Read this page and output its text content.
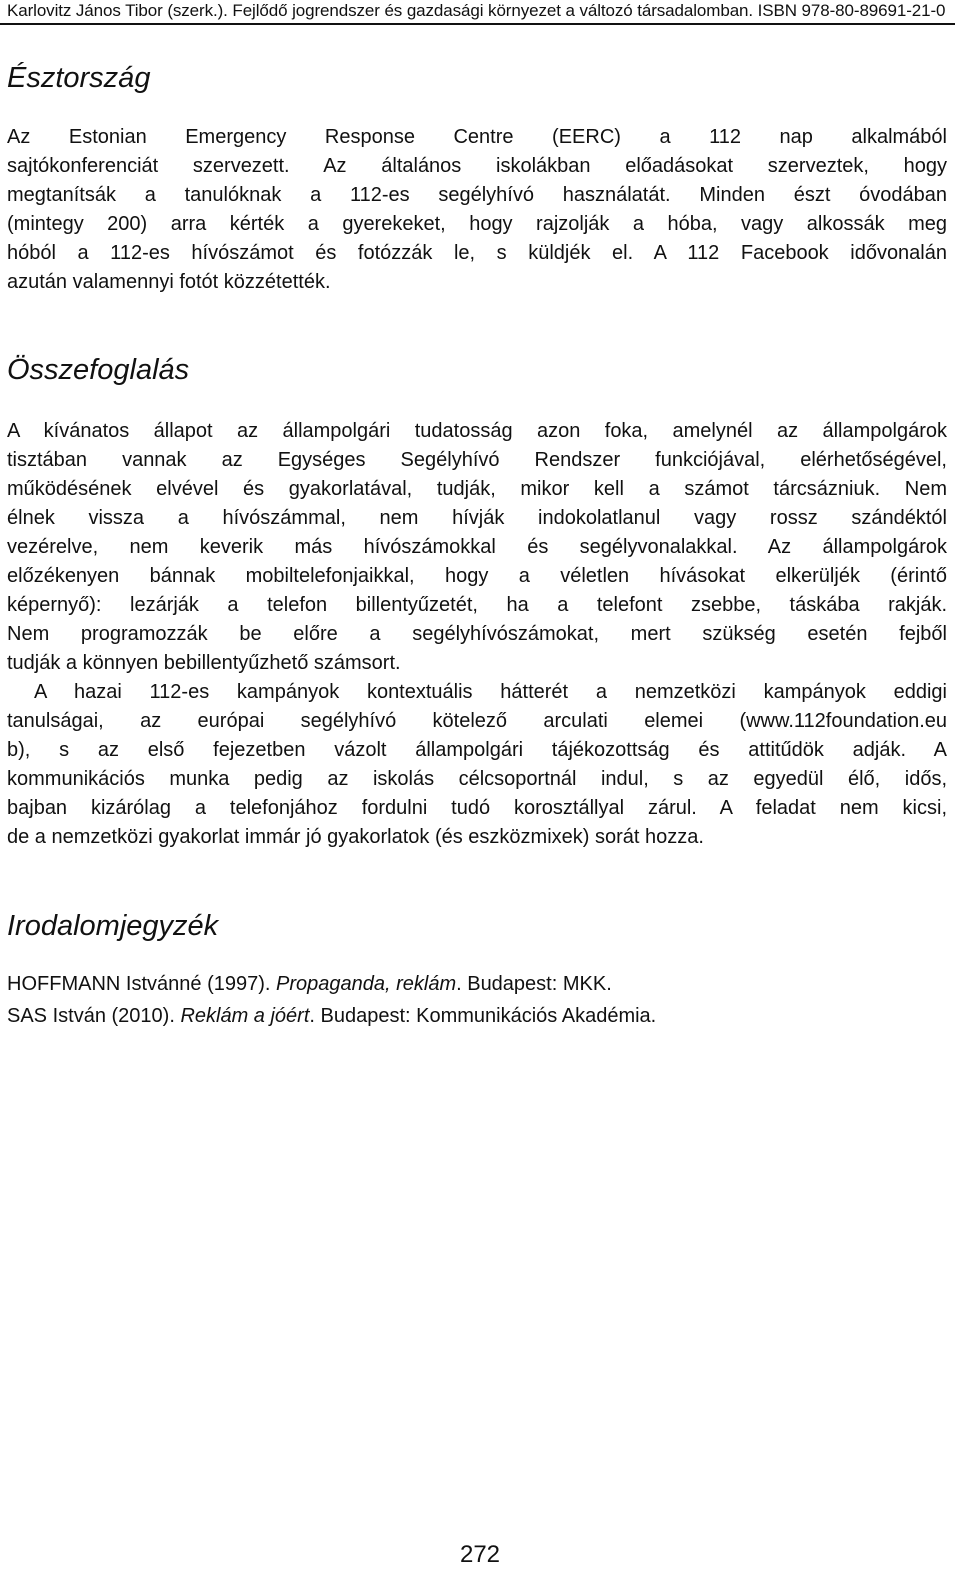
Karlovitz János Tibor (szerk.). Fejlődő jogrendszer és gazdasági környezet a változó társadalomban. ISBN 978-80-89691-21-0
Észtország
Az Estonian Emergency Response Centre (EERC) a 112 nap alkalmából
sajtókonferenciát szervezett. Az általános iskolákban előadásokat szerveztek, hogy
megtanítsák a tanulóknak a 112-es segélyhívó használatát. Minden észt óvodában
(mintegy 200) arra kérték a gyerekeket, hogy rajzolják a hóba, vagy alkossák meg
hóból a 112-es hívószámot és fotózzák le, s küldjék el. A 112 Facebook idővonalán
azután valamennyi fotót közzétették.
Összefoglalás
A kívánatos állapot az állampolgári tudatosság azon foka, amelynél az állampolgárok
tisztában vannak az Egységes Segélyhívó Rendszer funkciójával, elérhetőségével,
működésének elvével és gyakorlatával, tudják, mikor kell a számot tárcsázniuk. Nem
élnek vissza a hívószámmal, nem hívják indokolatlanul vagy rossz szándéktól
vezérelve, nem keverik más hívószámokkal és segélyvonalakkal. Az állampolgárok
előzékenyen bánnak mobiltelefonjaikkal, hogy a véletlen hívásokat elkerüljék (érintő
képernyő): lezárják a telefon billentyűzetét, ha a telefont zsebbe, táskába rakják.
Nem programozzák be előre a segélyhívószámokat, mert szükség esetén fejből
tudják a könnyen bebillentyűzhető számsort.
A hazai 112-es kampányok kontextuális hátterét a nemzetközi kampányok eddigi
tanulságai, az európai segélyhívó kötelező arculati elemei (www.112foundation.eu
b), s az első fejezetben vázolt állampolgári tájékozottság és attitűdök adják. A
kommunikációs munka pedig az iskolás célcsoportnál indul, s az egyedül élő, idős,
bajban kizárólag a telefonjához fordulni tudó korosztállyal zárul. A feladat nem kicsi,
de a nemzetközi gyakorlat immár jó gyakorlatok (és eszközmixek) sorát hozza.
Irodalomjegyzék
HOFFMANN Istvánné (1997). Propaganda, reklám. Budapest: MKK.
SAS István (2010). Reklám a jóért. Budapest: Kommunikációs Akadémia.
272
